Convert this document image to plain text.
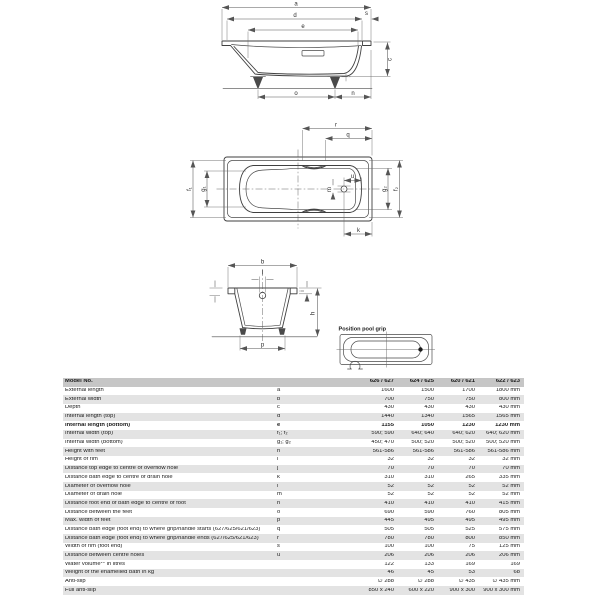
a
d	s
e
c
o	n
r
q
f₁ g₁	g₂ f₂
u
m
k
b
l
i
h
p
Position pool grip
Model No.	626 / 627	624 / 625	620 / 621	622 / 623
External length	a	1600	1500	1700	1800 mm
External width	b	700	750	750	800 mm
Depth	c	430	430	430	430 mm
Internal length (top)	d	1440	1340	1565	1565 mm
Internal length (bottom)	e	1155	1050	1230	1230 mm
Internal width (top)	f₁; f₂	590; 590	640; 640	640; 620	640; 620 mm
Internal width (bottom)	g₁; g₂	450; 470	500; 520	500; 520	500; 520 mm
Height with feet	h	561-586	561-586	561-586	561-586 mm
Height of rim	i	32	32	32	32 mm
Distance top edge to centre of overflow hole	j	70	70	70	70 mm
Distance bath edge to centre of drain hole	k	310	310	265	335 mm
Diameter of overflow hole	l	52	52	52	52 mm
Diameter of drain hole	m	52	52	52	52 mm
Distance foot end of bath edge to centre of foot	n	410	410	410	415 mm
Distance between the feet	o	690	590	760	805 mm
Max. width of feet	p	445	495	495	495 mm
Distance bath edge (foot end) to where grip/handle starts (627/625/621/623)	q	505	505	525	575 mm
Distance bath edge (foot end) to where grip/handle ends (627/625/621/623)	r	780	780	800	850 mm
Width of rim (foot end)	s	100	100	75	125 mm
Distance between centre holes	u	206	206	206	206 mm
Water volume** in litres	122	133	169	169
Weight of the enamelled bath in kg	46	45	53	68
Anti-slip	∅ 288	∅ 288	∅ 435	∅ 435 mm
Full anti-slip	850 x 240	600 x 220	900 x 300	900 x 300 mm
